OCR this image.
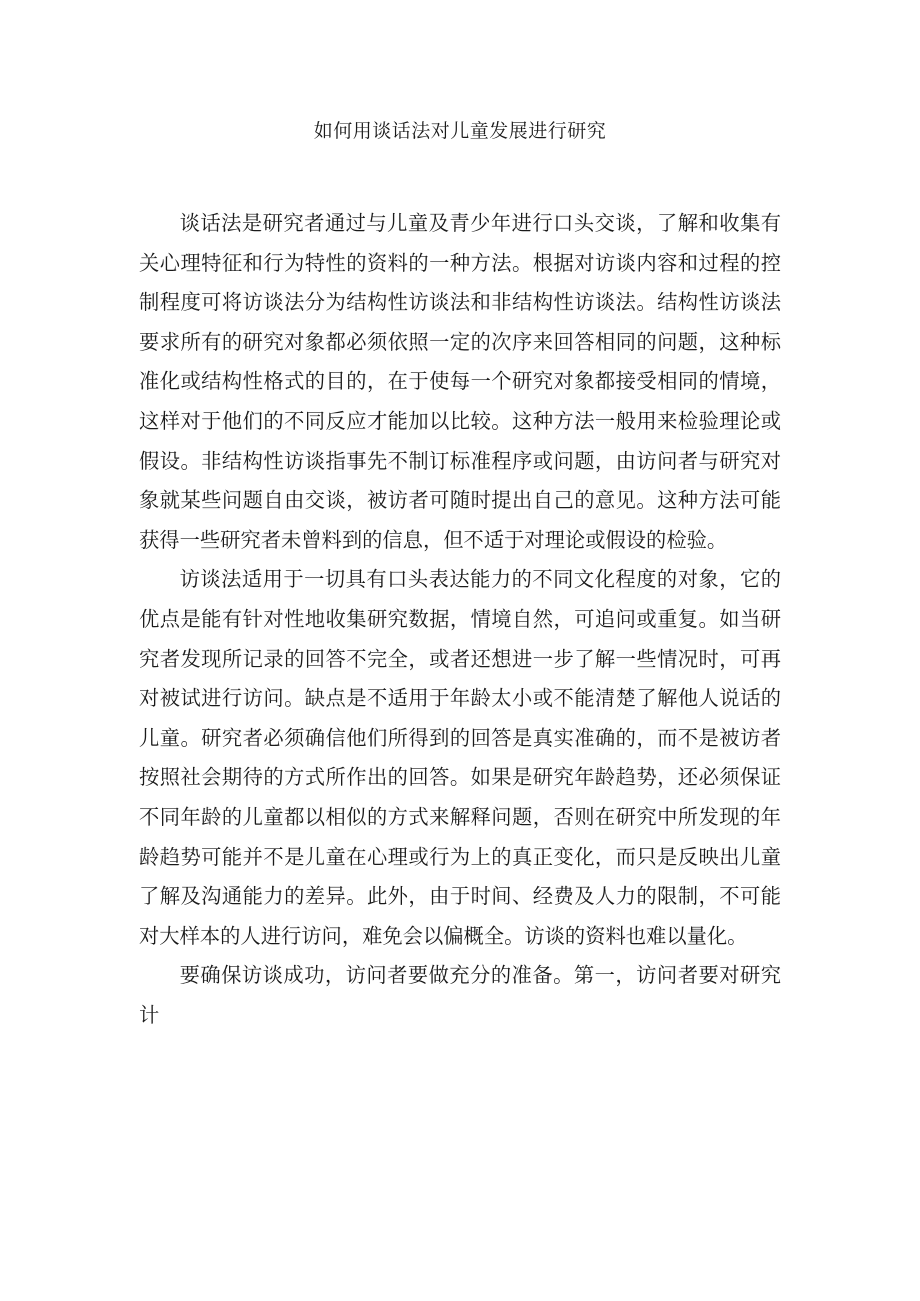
如何用谈话法对儿童发展进行研究

谈话法是研究者通过与儿童及青少年进行口头交谈，了解和收集有关心理特征和行为特性的资料的一种方法。根据对访谈内容和过程的控制程度可将访谈法分为结构性访谈法和非结构性访谈法。结构性访谈法要求所有的研究对象都必须依照一定的次序来回答相同的问题，这种标准化或结构性格式的目的，在于使每一个研究对象都接受相同的情境，这样对于他们的不同反应才能加以比较。这种方法一般用来检验理论或假设。非结构性访谈指事先不制订标准程序或问题，由访问者与研究对象就某些问题自由交谈，被访者可随时提出自己的意见。这种方法可能获得一些研究者未曾料到的信息，但不适于对理论或假设的检验。

访谈法适用于一切具有口头表达能力的不同文化程度的对象，它的优点是能有针对性地收集研究数据，情境自然，可追问或重复。如当研究者发现所记录的回答不完全，或者还想进一步了解一些情况时，可再对被试进行访问。缺点是不适用于年龄太小或不能清楚了解他人说话的儿童。研究者必须确信他们所得到的回答是真实准确的，而不是被访者按照社会期待的方式所作出的回答。如果是研究年龄趋势，还必须保证不同年龄的儿童都以相似的方式来解释问题，否则在研究中所发现的年龄趋势可能并不是儿童在心理或行为上的真正变化，而只是反映出儿童了解及沟通能力的差异。此外，由于时间、经费及人力的限制，不可能对大样本的人进行访问，难免会以偏概全。访谈的资料也难以量化。

要确保访谈成功，访问者要做充分的准备。第一，访问者要对研究计
